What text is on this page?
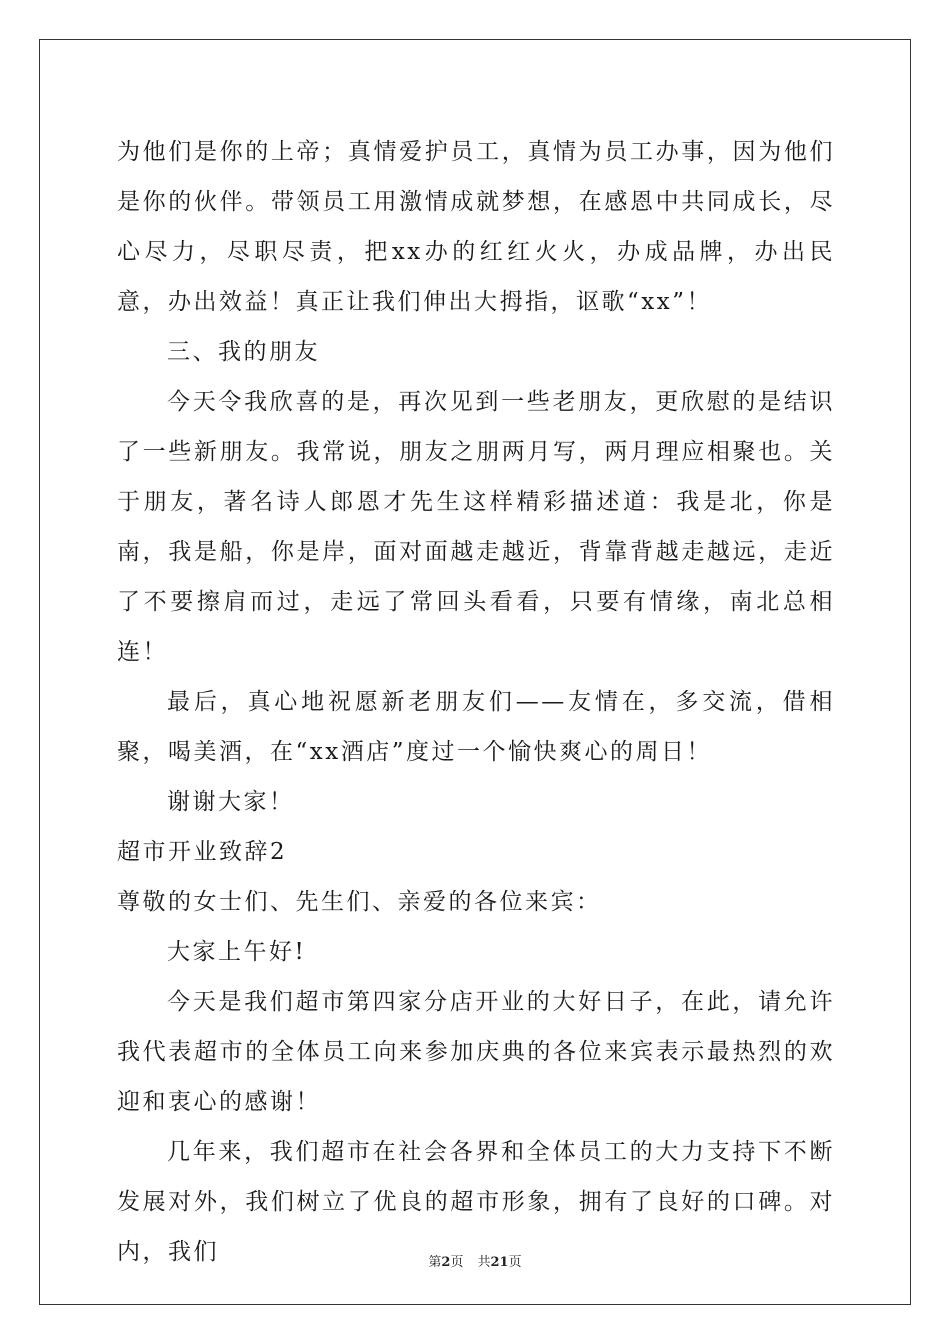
为他们是你的上帝；真情爱护员工，真情为员工办事，因为他们是你的伙伴。带领员工用激情成就梦想，在感恩中共同成长，尽心尽力，尽职尽责，把xx办的红红火火，办成品牌，办出民意，办出效益！真正让我们伸出大拇指，讴歌“xx”！

三、我的朋友

今天令我欣喜的是，再次见到一些老朋友，更欣慰的是结识了一些新朋友。我常说，朋友之朋两月写，两月理应相聚也。关于朋友，著名诗人郎恩才先生这样精彩描述道：我是北，你是南，我是船，你是岸，面对面越走越近，背靠背越走越远，走近了不要擦肩而过，走远了常回头看看，只要有情缘，南北总相连！

最后，真心地祝愿新老朋友们——友情在，多交流，借相聚，喝美酒，在“xx酒店”度过一个愉快爽心的周日！

谢谢大家！

超市开业致辞2

尊敬的女士们、先生们、亲爱的各位来宾：

大家上午好!

今天是我们超市第四家分店开业的大好日子，在此，请允许我代表超市的全体员工向来参加庆典的各位来宾表示最热烈的欢迎和衷心的感谢！

几年来，我们超市在社会各界和全体员工的大力支持下不断发展对外，我们树立了优良的超市形象，拥有了良好的口碑。对内，我们	第2页 共21页
